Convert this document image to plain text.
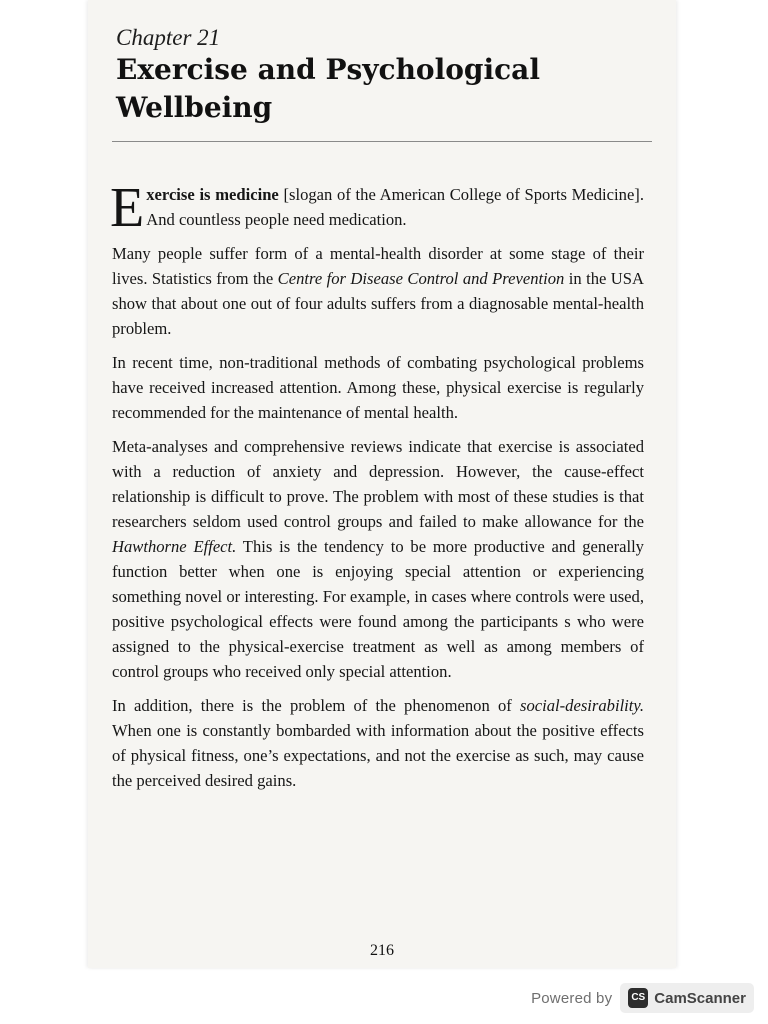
Chapter 21
Exercise and Psychological
Wellbeing

Exercise is medicine [slogan of the American College of Sports Medicine]. And countless people need medication.

Many people suffer form of a mental-health disorder at some stage of their lives. Statistics from the Centre for Disease Control and Prevention in the USA show that about one out of four adults suffers from a diagnosable mental-health problem.

In recent time, non-traditional methods of combating psychological problems have received increased attention. Among these, physical exercise is regularly recommended for the maintenance of mental health.

Meta-analyses and comprehensive reviews indicate that exercise is associated with a reduction of anxiety and depression. However, the cause-effect relationship is difficult to prove. The problem with most of these studies is that researchers seldom used control groups and failed to make allowance for the Hawthorne Effect. This is the tendency to be more productive and generally function better when one is enjoying special attention or experiencing something novel or interesting. For example, in cases where controls were used, positive psychological effects were found among the participants s who were assigned to the physical-exercise treatment as well as among members of control groups who received only special attention.

In addition, there is the problem of the phenomenon of social-desirability. When one is constantly bombarded with information about the positive effects of physical fitness, one’s expectations, and not the exercise as such, may cause the perceived desired gains.

216
Powered by	CS CamScanner
